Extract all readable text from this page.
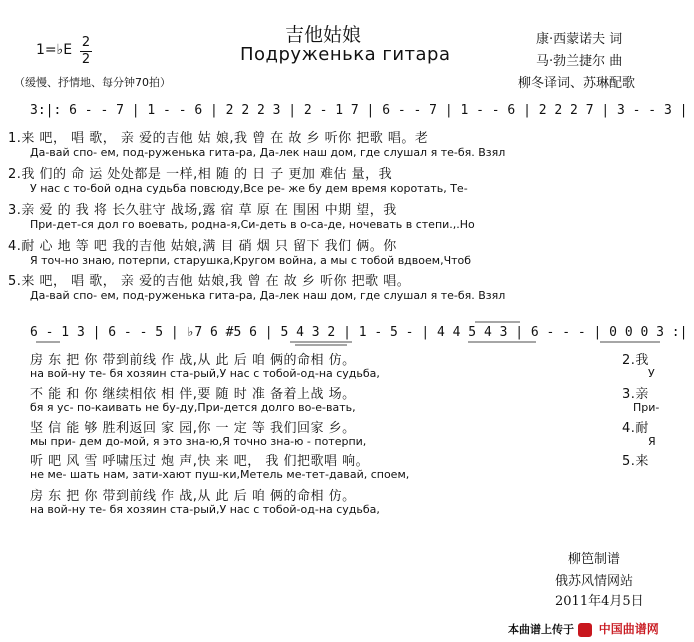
吉他姑娘
Подруженька гитара
康·西蒙诺夫 词
马·勃兰捷尔 曲
柳冬译词、苏琳配歌
1=♭E 2
2
（缓慢、抒情地、每分钟70拍）
3:|: 6 - - 7 | 1 - - 6 | 2 2 2 3 | 2 - 1 7 | 6 - - 7 | 1 - - 6 | 2 2 2 7 | 3 - - 3 |
1.来 吧， 唱 歌， 亲 爱的吉他 姑 娘,我 曾 在 故 乡 听你 把歌 唱。老
Да-вай спо- ем, под-руженька гита-ра, Да-лек наш дом, где слушал я те-бя. Взял
2.我 们的 命 运 处处都是 一样,相 随 的 日 子 更加 难估 量，我
У нас с то-бой одна судьба повсюду,Все ре- же бу дем время коротать, Те-
3.亲 爱 的 我 将 长久驻守 战场,露 宿 草 原 在 围困 中期 望，我
При-дет-ся дол го воевать, родна-я,Си-деть в о-са-де, ночевать в степи.,.Но
4.耐 心 地 等 吧 我的吉他 姑娘,满 目 硝 烟 只 留下 我们 俩。你
Я точ-но знаю, потерпи, старушка,Кругом война, а мы с тобой вдвоем,Чтоб
5.来 吧， 唱 歌， 亲 爱的吉他 姑娘,我 曾 在 故 乡 听你 把歌 唱。
Да-вай спо- ем, под-руженька гита-ра, Да-лек наш дом, где слушал я те-бя. Взял
6 - 1 3 | 6 - - 5 | ♭7 6 #5 6 | 5 4 3 2 | 1 - 5 - | 4 4 5 4 3 | 6 - - - | 0 0 0 3 :|
房 东 把 你 带到前线 作 战,从 此 后 咱 俩的命相 仿。
на вой-ну те- бя хозяин ста-рый,У нас с тобой-од-на судьба,
不 能 和 你 继续相依 相 伴,要 随 时 准 备着上战 场。
бя я ус- по-каивать не бу-ду,При-дется долго во-е-вать,
坚 信 能 够 胜利返回 家 园,你 一 定 等 我们回家 乡。
мы при- дем до-мой, я это зна-ю,Я точно зна-ю - потерпи,
听 吧 风 雪 呼啸压过 炮 声,快 来 吧， 我 们把歌唱 响。
не ме- шать нам, зати-хают пуш-ки,Метель ме-тет-давай, споем,
房 东 把 你 带到前线 作 战,从 此 后 咱 俩的命相 仿。
на вой-ну те- бя хозяин ста-рый,У нас с тобой-од-на судьба,
2.我
У
3.亲
При-
4.耐
Я
5.来
柳笆制谱
俄苏风情网站
2011年4月5日
本曲谱上传于 中国曲谱网
